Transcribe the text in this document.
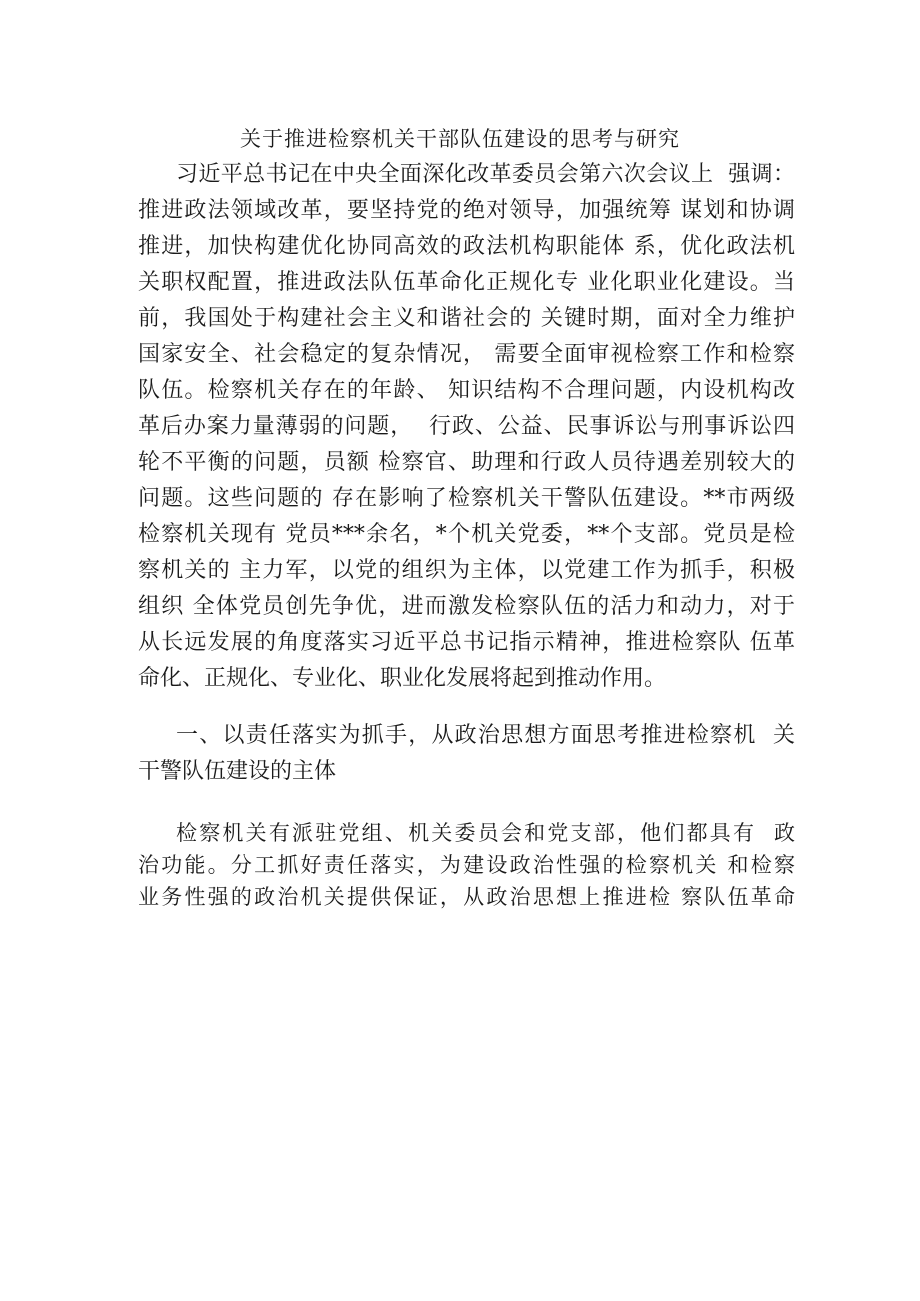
关于推进检察机关干部队伍建设的思考与研究
习近平总书记在中央全面深化改革委员会第六次会议上  强调：
推进政法领域改革，要坚持党的绝对领导，加强统筹 谋划和协调
推进，加快构建优化协同高效的政法机构职能体 系，优化政法机
关职权配置，推进政法队伍革命化正规化专 业化职业化建设。当
前，我国处于构建社会主义和谐社会的 关键时期，面对全力维护
国家安全、社会稳定的复杂情况， 需要全面审视检察工作和检察
队伍。检察机关存在的年龄、 知识结构不合理问题，内设机构改
革后办案力量薄弱的问题，  行政、公益、民事诉讼与刑事诉讼四
轮不平衡的问题，员额 检察官、助理和行政人员待遇差别较大的
问题。这些问题的 存在影响了检察机关干警队伍建设。**市两级
检察机关现有 党员***余名，*个机关党委，**个支部。党员是检
察机关的 主力军，以党的组织为主体，以党建工作为抓手，积极
组织 全体党员创先争优，进而激发检察队伍的活力和动力，对于
从长远发展的角度落实习近平总书记指示精神，推进检察队 伍革
命化、正规化、专业化、职业化发展将起到推动作用。
一、以责任落实为抓手，从政治思想方面思考推进检察机  关
干警队伍建设的主体
检察机关有派驻党组、机关委员会和党支部，他们都具有  政
治功能。分工抓好责任落实，为建设政治性强的检察机关 和检察
业务性强的政治机关提供保证，从政治思想上推进检 察队伍革命
